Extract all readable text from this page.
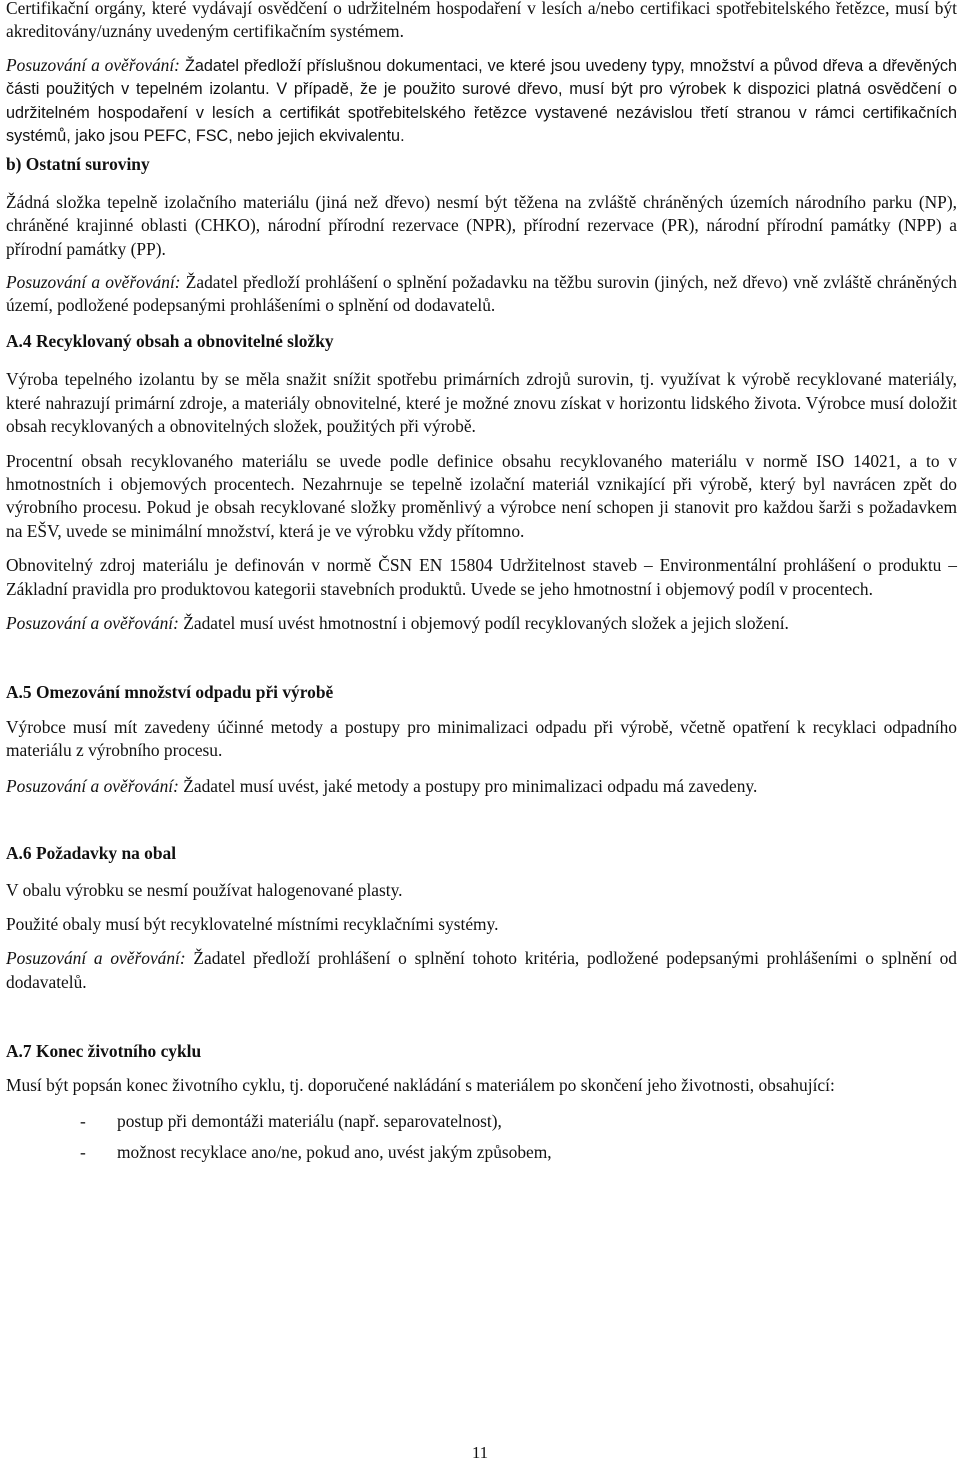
Certifikační orgány, které vydávají osvědčení o udržitelném hospodaření v lesích a/nebo certifikaci spotřebitelského řetězce, musí být akreditovány/uznány uvedeným certifikačním systémem.

Posuzování a ověřování: Žadatel předloží příslušnou dokumentaci, ve které jsou uvedeny typy, množství a původ dřeva a dřevěných části použitých v tepelném izolantu. V případě, že je použito surové dřevo, musí být pro výrobek k dispozici platná osvědčení o udržitelném hospodaření v lesích a certifikát spotřebitelského řetězce vystavené nezávislou třetí stranou v rámci certifikačních systémů, jako jsou PEFC, FSC, nebo jejich ekvivalentu.

b) Ostatní suroviny

Žádná složka tepelně izolačního materiálu (jiná než dřevo) nesmí být těžena na zvláště chráněných územích národního parku (NP), chráněné krajinné oblasti (CHKO), národní přírodní rezervace (NPR), přírodní rezervace (PR), národní přírodní památky (NPP) a přírodní památky (PP).

Posuzování a ověřování: Žadatel předloží prohlášení o splnění požadavku na těžbu surovin (jiných, než dřevo) vně zvláště chráněných území, podložené podepsanými prohlášeními o splnění od dodavatelů.

A.4 Recyklovaný obsah a obnovitelné složky

Výroba tepelného izolantu by se měla snažit snížit spotřebu primárních zdrojů surovin, tj. využívat k výrobě recyklované materiály, které nahrazují primární zdroje, a materiály obnovitelné, které je možné znovu získat v horizontu lidského života. Výrobce musí doložit obsah recyklovaných a obnovitelných složek, použitých při výrobě.

Procentní obsah recyklovaného materiálu se uvede podle definice obsahu recyklovaného materiálu v normě ISO 14021, a to v hmotnostních i objemových procentech. Nezahrnuje se tepelně izolační materiál vznikající při výrobě, který byl navrácen zpět do výrobního procesu. Pokud je obsah recyklované složky proměnlivý a výrobce není schopen ji stanovit pro každou šarži s požadavkem na EŠV, uvede se minimální množství, která je ve výrobku vždy přítomno.

Obnovitelný zdroj materiálu je definován v normě ČSN EN 15804 Udržitelnost staveb – Environmentální prohlášení o produktu – Základní pravidla pro produktovou kategorii stavebních produktů. Uvede se jeho hmotnostní i objemový podíl v procentech.

Posuzování a ověřování: Žadatel musí uvést hmotnostní i objemový podíl recyklovaných složek a jejich složení.

A.5 Omezování množství odpadu při výrobě

Výrobce musí mít zavedeny účinné metody a postupy pro minimalizaci odpadu při výrobě, včetně opatření k recyklaci odpadního materiálu z výrobního procesu.

Posuzování a ověřování: Žadatel musí uvést, jaké metody a postupy pro minimalizaci odpadu má zavedeny.

A.6 Požadavky na obal

V obalu výrobku se nesmí používat halogenované plasty.

Použité obaly musí být recyklovatelné místními recyklačními systémy.

Posuzování a ověřování: Žadatel předloží prohlášení o splnění tohoto kritéria, podložené podepsanými prohlášeními o splnění od dodavatelů.

A.7 Konec životního cyklu

Musí být popsán konec životního cyklu, tj. doporučené nakládání s materiálem po skončení jeho životnosti, obsahující:

- postup při demontáži materiálu (např. separovatelnost),
- možnost recyklace ano/ne, pokud ano, uvést jakým způsobem,
11
